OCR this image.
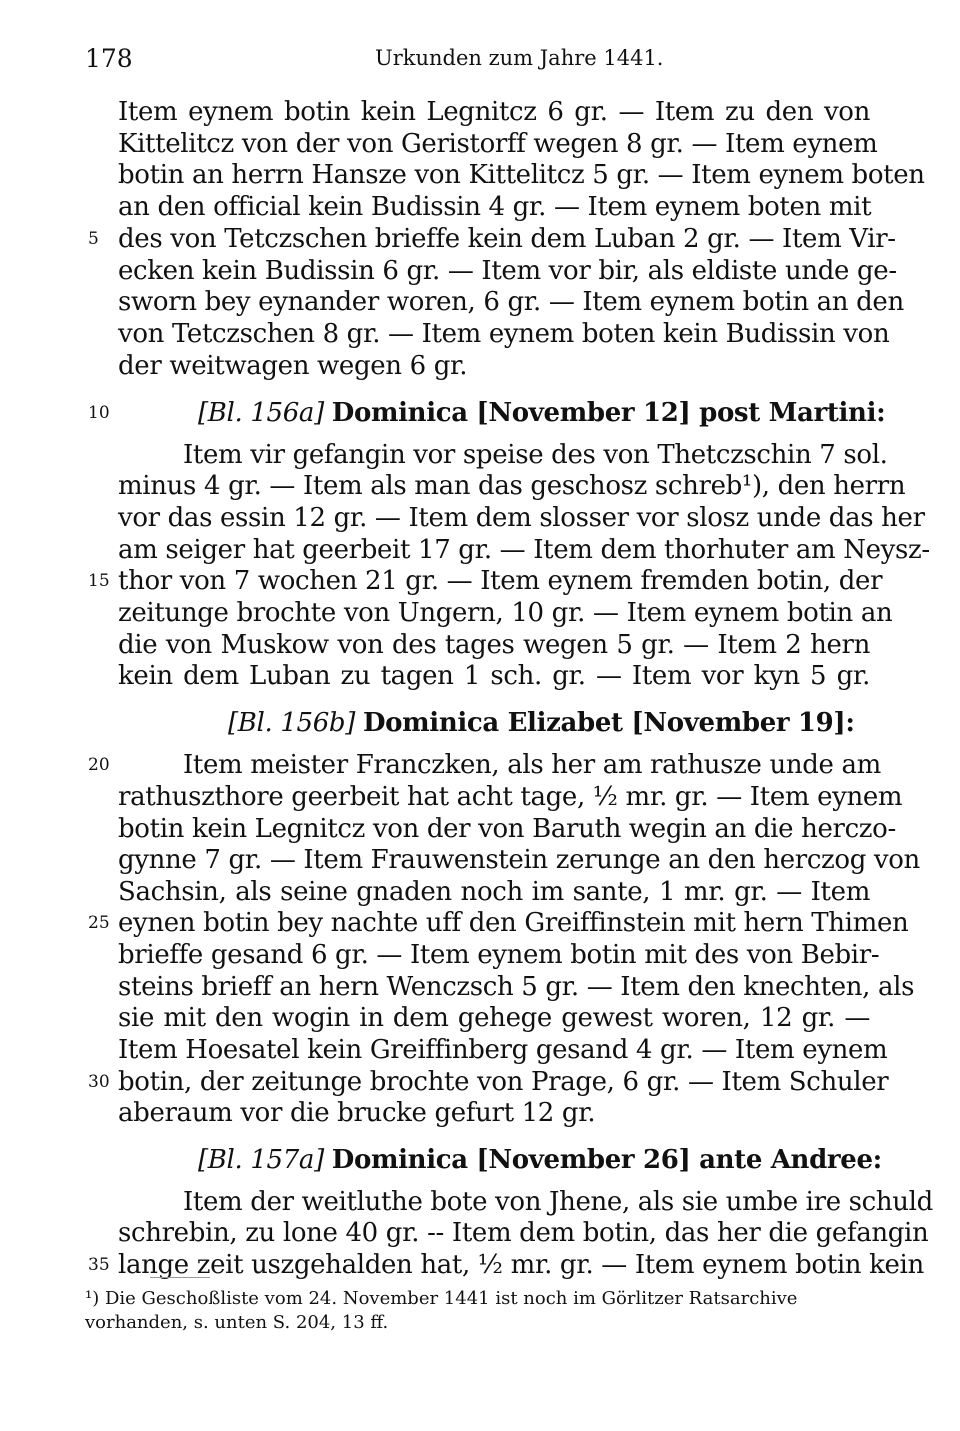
178	Urkunden zum Jahre 1441.
Item eynem botin kein Legnitcz 6 gr. — Item zu den von
Kittelitcz von der von Geristorff wegen 8 gr. — Item eynem
botin an herrn Hansze von Kittelitcz 5 gr. — Item eynem boten
an den official kein Budissin 4 gr. — Item eynem boten mit
des von Tetczschen brieffe kein dem Luban 2 gr. — Item Vir-
ecken kein Budissin 6 gr. — Item vor bir, als eldiste unde ge-
sworn bey eynander woren, 6 gr. — Item eynem botin an den
von Tetczschen 8 gr. — Item eynem boten kein Budissin von
der weitwagen wegen 6 gr.
Item vir gefangin vor speise des von Thetczschin 7 sol.
minus 4 gr. — Item als man das geschosz schreb¹), den herrn
vor das essin 12 gr. — Item dem slosser vor slosz unde das her
am seiger hat geerbeit 17 gr. — Item dem thorhuter am Neysz-
thor von 7 wochen 21 gr. — Item eynem fremden botin, der
zeitunge brochte von Ungern, 10 gr. — Item eynem botin an
die von Muskow von des tages wegen 5 gr. — Item 2 hern
kein dem Luban zu tagen 1 sch. gr. — Item vor kyn 5 gr.
Item meister Franczken, als her am rathusze unde am
rathuszthore geerbeit hat acht tage, ½ mr. gr. — Item eynem
botin kein Legnitcz von der von Baruth wegin an die herczo-
gynne 7 gr. — Item Frauwenstein zerunge an den herczog von
Sachsin, als seine gnaden noch im sante, 1 mr. gr. — Item
eynen botin bey nachte uff den Greiffinstein mit hern Thimen
brieffe gesand 6 gr. — Item eynem botin mit des von Bebir-
steins brieff an hern Wenczsch 5 gr. — Item den knechten, als
sie mit den wogin in dem gehege gewest woren, 12 gr. —
Item Hoesatel kein Greiffinberg gesand 4 gr. — Item eynem
botin, der zeitunge brochte von Prage, 6 gr. — Item Schuler
aberaum vor die brucke gefurt 12 gr.
Item der weitluthe bote von Jhene, als sie umbe ire schuld
schrebin, zu lone 40 gr. -- Item dem botin, das her die gefangin
lange zeit uszgehalden hat, ½ mr. gr. — Item eynem botin kein
[Bl. 156a] Dominica [November 12] post Martini:
[Bl. 156b] Dominica Elizabet [November 19]:
[Bl. 157a] Dominica [November 26] ante Andree:
5
10
15
20
25
30
35
¹) Die Geschoßliste vom 24. November 1441 ist noch im Görlitzer Ratsarchive
vorhanden, s. unten S. 204, 13 ff.
